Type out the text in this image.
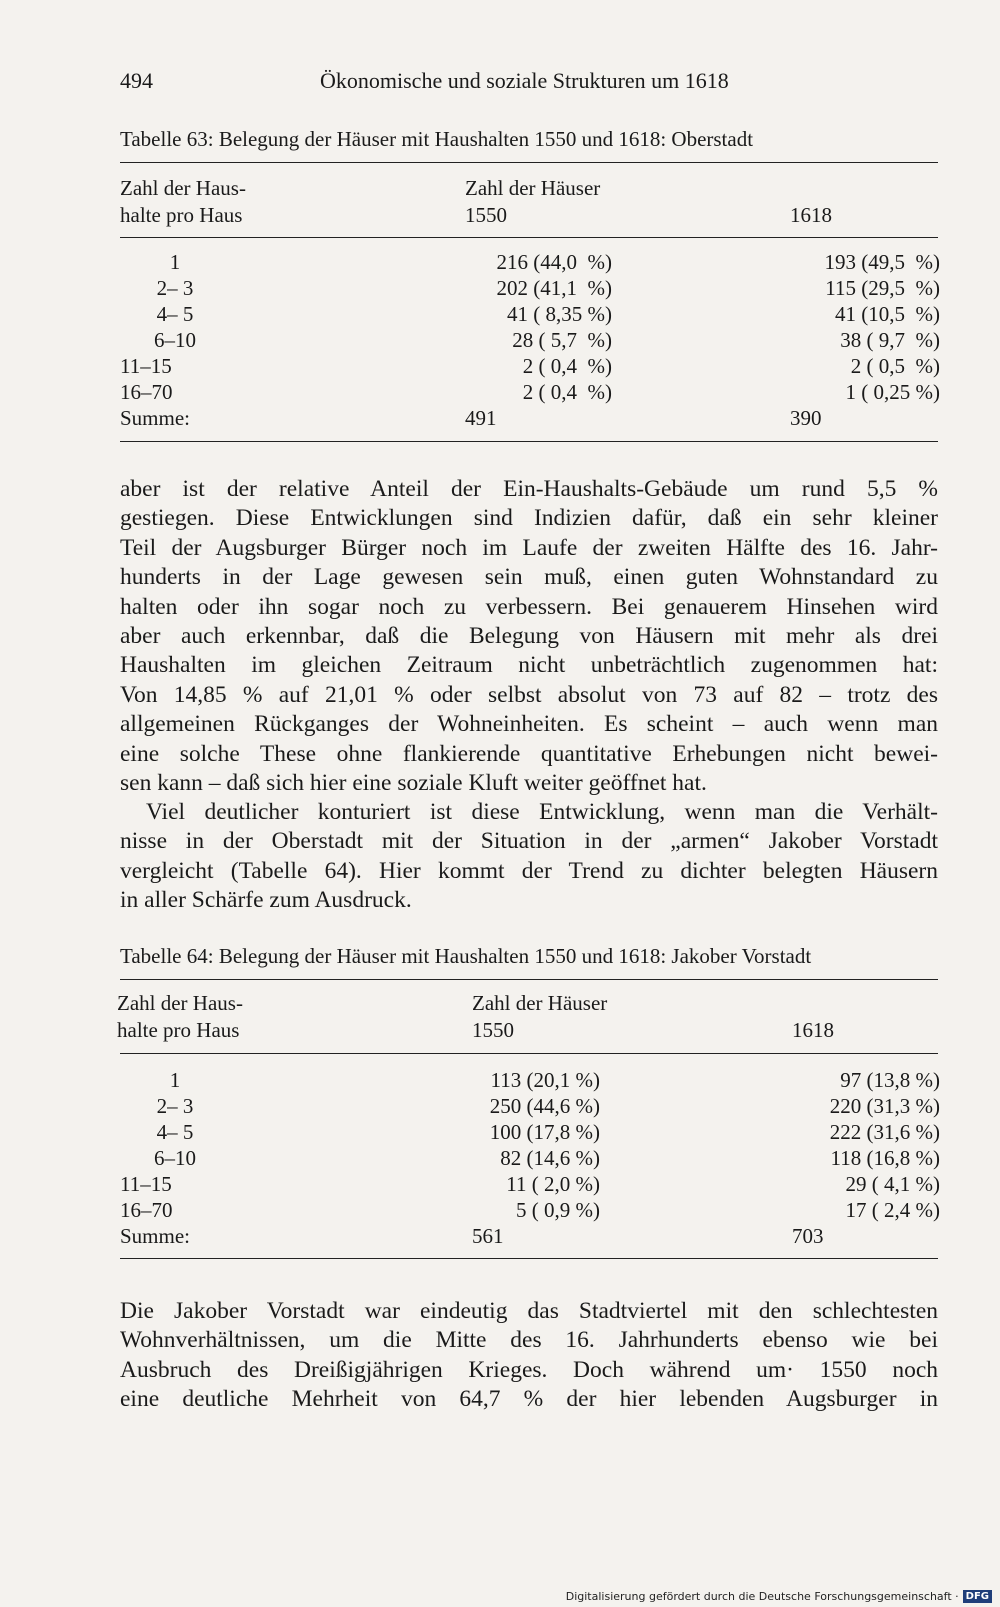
494	Ökonomische und soziale Strukturen um 1618
Tabelle 63: Belegung der Häuser mit Haushalten 1550 und 1618: Oberstadt
Zahl der Haus-
halte pro Haus
Zahl der Häuser
1550	1618
1	216 (44,0  %)	193 (49,5  %)
2– 3	202 (41,1  %)	115 (29,5  %)
4– 5	41 ( 8,35 %)	41 (10,5  %)
6–10	28 ( 5,7  %)	38 ( 9,7  %)
11–15	2 ( 0,4  %)	2 ( 0,5  %)
16–70	2 ( 0,4  %)	1 ( 0,25 %)
Summe:	491	390
aber ist der relative Anteil der Ein-Haushalts-Gebäude um rund 5,5 %
gestiegen. Diese Entwicklungen sind Indizien dafür, daß ein sehr kleiner
Teil der Augsburger Bürger noch im Laufe der zweiten Hälfte des 16. Jahr-
hunderts in der Lage gewesen sein muß, einen guten Wohnstandard zu
halten oder ihn sogar noch zu verbessern. Bei genauerem Hinsehen wird
aber auch erkennbar, daß die Belegung von Häusern mit mehr als drei
Haushalten im gleichen Zeitraum nicht unbeträchtlich zugenommen hat:
Von 14,85 % auf 21,01 % oder selbst absolut von 73 auf 82 – trotz des
allgemeinen Rückganges der Wohneinheiten. Es scheint – auch wenn man
eine solche These ohne flankierende quantitative Erhebungen nicht bewei-
sen kann – daß sich hier eine soziale Kluft weiter geöffnet hat.
Viel deutlicher konturiert ist diese Entwicklung, wenn man die Verhält-
nisse in der Oberstadt mit der Situation in der „armen“ Jakober Vorstadt
vergleicht (Tabelle 64). Hier kommt der Trend zu dichter belegten Häusern
in aller Schärfe zum Ausdruck.
Tabelle 64: Belegung der Häuser mit Haushalten 1550 und 1618: Jakober Vorstadt
Zahl der Haus-
halte pro Haus
Zahl der Häuser
1550	1618
1	113 (20,1 %)	97 (13,8 %)
2– 3	250 (44,6 %)	220 (31,3 %)
4– 5	100 (17,8 %)	222 (31,6 %)
6–10	82 (14,6 %)	118 (16,8 %)
11–15	11 ( 2,0 %)	29 ( 4,1 %)
16–70	5 ( 0,9 %)	17 ( 2,4 %)
Summe:	561	703
Die Jakober Vorstadt war eindeutig das Stadtviertel mit den schlechtesten
Wohnverhältnissen, um die Mitte des 16. Jahrhunderts ebenso wie bei
Ausbruch des Dreißigjährigen Krieges. Doch während um· 1550 noch
eine deutliche Mehrheit von 64,7 % der hier lebenden Augsburger in
Digitalisierung gefördert durch die Deutsche Forschungsgemeinschaft · DFG
